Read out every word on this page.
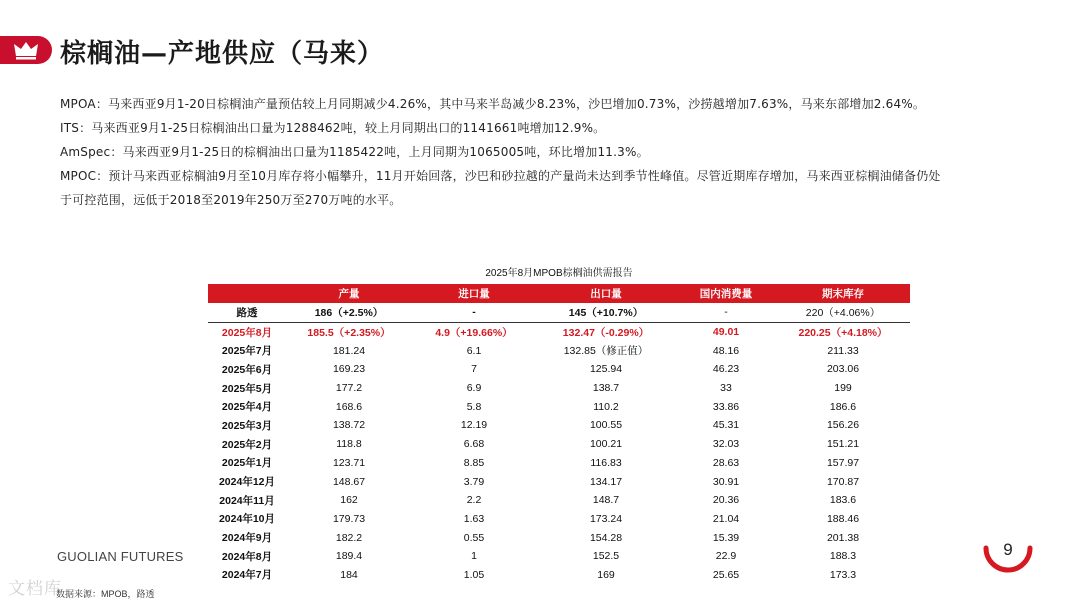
棕榈油—产地供应（马来）

MPOA：马来西亚9月1-20日棕榈油产量预估较上月同期减少4.26%，其中马来半岛减少8.23%，沙巴增加0.73%，沙捞越增加7.63%，马来东部增加2.64%。

ITS：马来西亚9月1-25日棕榈油出口量为1288462吨，较上月同期出口的1141661吨增加12.9%。

AmSpec：马来西亚9月1-25日的棕榈油出口量为1185422吨，上月同期为1065005吨，环比增加11.3%。

MPOC：预计马来西亚棕榈油9月至10月库存将小幅攀升，11月开始回落，沙巴和砂拉越的产量尚未达到季节性峰值。尽管近期库存增加，马来西亚棕榈油储备仍处

于可控范围，远低于2018至2019年250万至270万吨的水平。

2025年8月MPOB棕榈油供需报告
	产量	进口量	出口量	国内消费量	期末库存
路透	186（+2.5%）	-	145（+10.7%）	-	220（+4.06%）
2025年8月	185.5（+2.35%）	4.9（+19.66%）	132.47（-0.29%）	49.01	220.25（+4.18%）
2025年7月	181.24	6.1	132.85（修正值）	48.16	211.33
2025年6月	169.23	7	125.94	46.23	203.06
2025年5月	177.2	6.9	138.7	33	199
2025年4月	168.6	5.8	110.2	33.86	186.6
2025年3月	138.72	12.19	100.55	45.31	156.26
2025年2月	118.8	6.68	100.21	32.03	151.21
2025年1月	123.71	8.85	116.83	28.63	157.97
2024年12月	148.67	3.79	134.17	30.91	170.87
2024年11月	162	2.2	148.7	20.36	183.6
2024年10月	179.73	1.63	173.24	21.04	188.46
2024年9月	182.2	0.55	154.28	15.39	201.38
2024年8月	189.4	1	152.5	22.9	188.3
2024年7月	184	1.05	169	25.65	173.3
GUOLIAN FUTURES
文档库
数据来源：MPOB，路透
9
